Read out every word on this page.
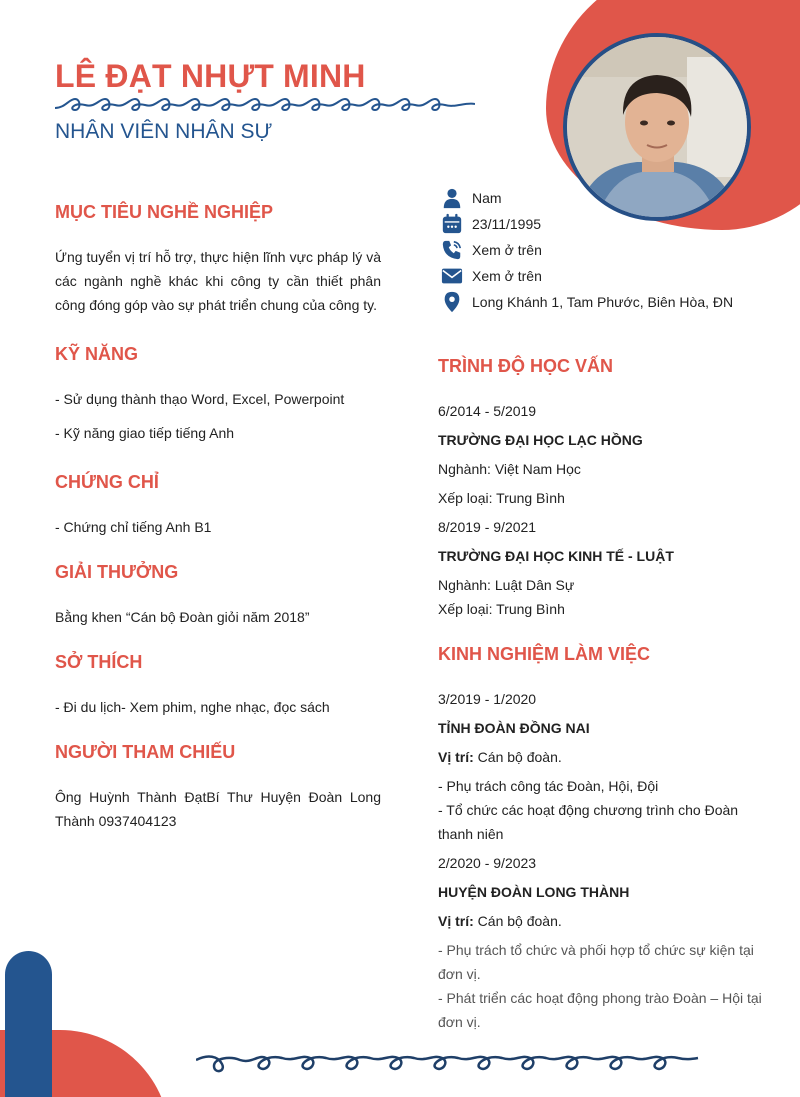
LÊ ĐẠT NHỰT MINH
NHÂN VIÊN NHÂN SỰ
Nam
23/11/1995
Xem ở trên
Xem ở trên
Long Khánh 1, Tam Phước, Biên Hòa, ĐN
MỤC TIÊU NGHỀ NGHIỆP
Ứng tuyển vị trí hỗ trợ, thực hiện lĩnh vực pháp lý và các ngành nghề khác khi công ty cần thiết phân công đóng góp vào sự phát triển chung của công ty.
KỸ NĂNG
- Sử dụng thành thạo Word, Excel, Powerpoint
- Kỹ năng giao tiếp tiếng Anh
CHỨNG CHỈ
- Chứng chỉ tiếng Anh B1
GIẢI THƯỞNG
Bằng khen “Cán bộ Đoàn giỏi năm 2018”
SỞ THÍCH
- Đi du lịch- Xem phim, nghe nhạc, đọc sách
NGƯỜI THAM CHIẾU
Ông Huỳnh Thành ĐạtBí Thư Huyện Đoàn Long Thành 0937404123
TRÌNH ĐỘ HỌC VẤN
6/2014 - 5/2019
TRƯỜNG ĐẠI HỌC LẠC HỒNG
Nghành: Việt Nam Học
Xếp loại: Trung Bình
8/2019 - 9/2021
TRƯỜNG ĐẠI HỌC KINH TẾ - LUẬT
Nghành: Luật Dân Sự
Xếp loại: Trung Bình
KINH NGHIỆM LÀM VIỆC
3/2019 - 1/2020
TỈNH ĐOÀN ĐỒNG NAI
Vị trí: Cán bộ đoàn.
- Phụ trách công tác Đoàn, Hội, Đội
- Tổ chức các hoạt động chương trình cho Đoàn thanh niên
2/2020 - 9/2023
HUYỆN ĐOÀN LONG THÀNH
Vị trí: Cán bộ đoàn.
- Phụ trách tổ chức và phối hợp tổ chức sự kiện tại đơn vị.
- Phát triển các hoạt động phong trào Đoàn – Hội tại đơn vị.
